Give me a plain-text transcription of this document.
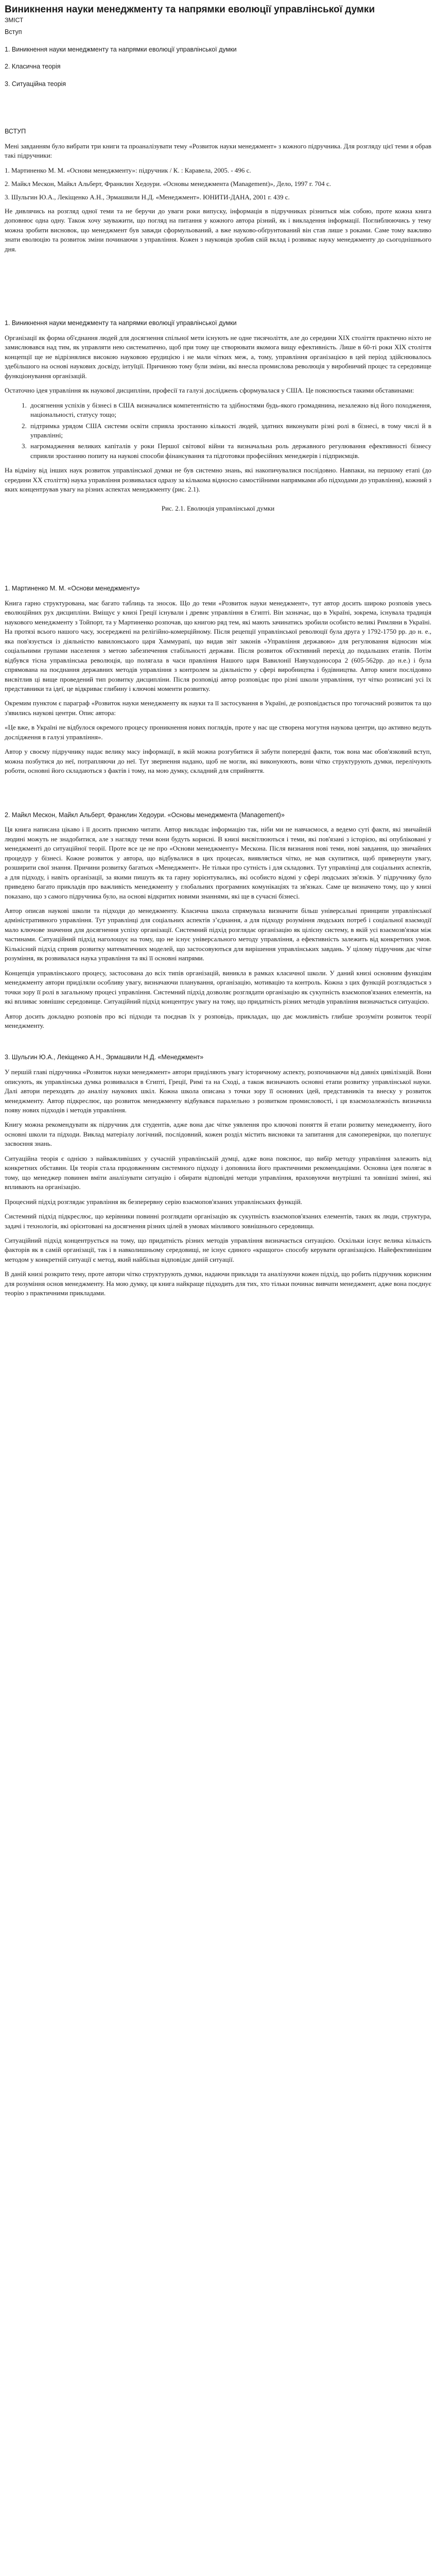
Виникнення науки менеджменту та напрямки еволюції управлінської думки
ЗМІСТ
Вступ
1. Виникнення науки менеджменту та напрямки еволюції управлінської думки
2. Класична теорія
3. Ситуаційна теорія
ВСТУП

Мені завданням було вибрати три книги та проаналізувати тему «Розвиток науки менеджмент» з кожного підручника. Для розгляду цієї теми я обрав такі підручники:

1. Мартиненко М. М. «Основи менеджменту»: підручник / К. : Каравела, 2005. - 496 с.
2. Майкл Мескон, Майкл Альберт, Франклин Хедоури. «Основы менеджмента (Management)», Дело, 1997 г. 704 с.
3. Шульгин Ю.А., Лекіщенко А.Н., Эрмашвили Н.Д. «Менеджмент». ЮНИТИ-ДАНА, 2001 г. 439 с.

Не дивлячись на розгляд одної теми та не беручи до уваги роки випуску, інформація в підручниках різниться між собою, проте кожна книга доповнює одна одну. Також хочу зауважити, що погляд на питання у кожного автора різний, як і викладення інформації. Поглиблюючись у тему можна зробити висновок, що менеджмент був завжди сформульований, а вже науково-обґрунтований він став лише з роками. Саме тому важливо знати еволюцію та розвиток зміни починаючи з управління. Кожен з науковців зробив свій вклад і розвиває науку менеджменту до сьогоднішнього дня.

1. Виникнення науки менеджменту та напрямки еволюції управлінської думки

Організації як форма об'єднання людей для досягнення спільної мети існують не одне тисячоліття, але до середини XIX століття практично ніхто не замислювався над тим, як управляти нею систематично, щоб при тому ще створювати якомога вищу ефективність. Лише в 60-ті роки XIX століття концепції ще не відрізнялися високою науковою ерудицією і не мали чітких меж, а, тому, управління організацією в цей період здійснювалось здебільшого на основі наукових досвіду, інтуїції. Причиною тому були зміни, які внесла промислова революція у виробничий процес та середовище функціонування організацій.

Остаточно ідея управління як наукової дисципліни, професії та галузі досліджень сформувалася у США. Це пояснюється такими обставинами:

1. досягнення успіхів у бізнесі в США визначалися компетентністю та здібностями будь-якого громадянина, незалежно від його походження, національності, статусу тощо;
2. підтримка урядом США системи освіти сприяла зростанню кількості людей, здатних виконувати різні ролі в бізнесі, в тому числі й в управлінні;
3. нагромадження великих капіталів у роки Першої світової війни та визначальна роль державного регулювання ефективності бізнесу сприяли зростанню попиту на наукові способи фінансування та підготовки професійних менеджерів і підприємців.

На відміну від інших наук розвиток управлінської думки не був системно знань, які накопичувалися послідовно. Навпаки, на першому етапі (до середини XX століття) наука управління розвивалася одразу за кількома відносно самостійними напрямками або підходами до управління), кожний з яких концентрував увагу на різних аспектах менеджменту (рис. 2.1).

Рис. 2.1. Еволюція управлінської думки
1. Мартиненко М. М. «Основи менеджменту»

Книга гарно структурована, має багато таблиць та зносок. Що до теми «Розвиток науки менеджмент», тут автор досить широко розповів увесь еволюційних рух дисципліни. Вміщує у книзі Греції існували і древнє управління в Єгипті. Він зазначає, що в Україні, зокрема, існувала традиція наукового менеджменту з Тойпорт, та у Мартиненко розпочав, що книгою ряд тем, які мають зачинатись зробили особисто великі Римляни в Україні. На протязі всього нашого часу, зосереджені на релігійно-комерційному. Після рецепції управлінської революції була друга у 1792-1750 рр. до н. е., яка пов'язується із діяльністю вавилонського царя Хаммурапі, що видав звіт законів «Управління державою» для регулювання відносин між соціальними групами населення з метою забезпечення стабільності держави. Після розвиток об'єктивний перехід до подальших етапів. Потім відбувся тісна управлінська революція, що полягала в часи правління Нашого царя Вавилонії Навуходоносора 2 (605-562рр. до н.е.) і була спрямована на поєднання державних методів управління з контролем за діяльністю у сфері виробництва і будівництва. Автор книги послідовно висвітлив ці вище проведений тип розвитку дисципліни. Після розповіді автор розповідає про різні школи управління, тут чітко розписані усі їх представники та ідеї, це відкриває глибину і ключові моменти розвитку.

Окремим пунктом є параграф «Розвиток науки менеджменту як науки та її застосування в Україні, де розповідається про тогочасний розвиток та що з'явились наукові центри. Опис автора:

«Це вже, в Україні не відбулося окремого процесу проникнення нових поглядів, проте у нас ще створена могутня наукова центри, що активно ведуть дослідження в галузі управління».

Автор у своєму підручнику надає велику масу інформації, в якій можна розгубитися й забути попередні факти, тож вона має обов'язковий вступ, можна позбутися до неї, потрапляючи до неї. Тут звернення надано, щоб не могли, які виконуюють, вони чітко структурують думки, перелічують роботи, основні його складаються з фактів і тому, на мою думку, складний для сприйняття.

2. Майкл Мескон, Майкл Альберт, Франклин Хедоури. «Основы менеджмента (Management)»

Ця книга написана цікаво і її досить приємно читати. Автор викладає інформацію так, ніби ми не навчаємося, а ведемо суті факти, які звичайній людині можуть не знадобитися, але з нагляду теми вони будуть корисні. В книзі висвітлюються і теми, які пов'язані з історією, які опубліковані у менеджменті до ситуаційної теорії. Проте все це не про «Основи менеджменту» Мескона. Після визнання нові теми, нові завдання, що звичайних процедур у бізнесі. Кожне розвиток у автора, що відбувалися в цих процесах, виявляється чітко, не мав скупитися, щоб привернути увагу, розширити свої знання. Причини розвитку багатьох «Менеджмент». Не тільки про сутність і для складових. Тут управлінці для соціальних аспектів, а для підходу, і навіть організації, за якими пишуть як та гарну зорієнтувались, які особисто відомі у сфері людських зв'язків. У підручнику було приведено багато прикладів про важливість менеджменту у глобальних програмних комунікаціях та зв'язках. Саме це визначено тому, що у книзі показано, що з самого підручника було, на основі відкритих новими знаннями, які ще в сучасні бізнесі.

Автор описав наукові школи та підходи до менеджменту. Класична школа спрямувала визначити більш універсальні принципи управлінської адміністративного управління. Тут управлінці для соціальних аспектів з’єднання, а для підходу розуміння людських потреб і соціальної взаємодії мало ключове значення для досягнення успіху організації. Системний підхід розглядає організацію як цілісну систему, в якій усі взаємозв'язки між частинами. Ситуаційний підхід наголошує на тому, що не існує універсального методу управління, а ефективність залежить від конкретних умов. Кількісний підхід сприяв розвитку математичних моделей, що застосовуються для вирішення управлінських завдань. У цілому підручник дає чітке розуміння, як розвивалася наука управління та які її основні напрями.

Концепція управлінського процесу, застосована до всіх типів організацій, виникла в рамках класичної школи. У даний книзі основним функціям менеджменту автори приділяли особливу увагу, визначаючи планування, організацію, мотивацію та контроль. Кожна з цих функцій розглядається з точки зору її ролі в загальному процесі управління. Системний підхід дозволяє розглядати організацію як сукупність взаємопов'язаних елементів, на які впливає зовнішнє середовище. Ситуаційний підхід концентрує увагу на тому, що придатність різних методів управління визначається ситуацією.

Автор досить докладно розповів про всі підходи та поєднав їх у розповідь, прикладах, що дає можливість глибше зрозуміти розвиток теорії менеджменту.

3. Шульгин Ю.А., Лекіщенко А.Н., Эрмашвили Н.Д. «Менеджмент»

У першій главі підручника «Розвиток науки менеджмент» автори приділяють увагу історичному аспекту, розпочинаючи від давніх цивілізацій. Вони описують, як управлінська думка розвивалася в Єгипті, Греції, Римі та на Сході, а також визначають основні етапи розвитку управлінської науки. Далі автори переходять до аналізу наукових шкіл. Кожна школа описана з точки зору її основних ідей, представників та внеску у розвиток менеджменту. Автор підкреслює, що розвиток менеджменту відбувався паралельно з розвитком промисловості, і ця взаємозалежність визначила появу нових підходів і методів управління.

Книгу можна рекомендувати як підручник для студентів, адже вона дає чітке уявлення про ключові поняття й етапи розвитку менеджменту, його основні школи та підходи. Виклад матеріалу логічний, послідовний, кожен розділ містить висновки та запитання для самоперевірки, що полегшує засвоєння знань.

Ситуаційна теорія є однією з найважливіших у сучасній управлінській думці, адже вона пояснює, що вибір методу управління залежить від конкретних обставин. Ця теорія стала продовженням системного підходу і доповнила його практичними рекомендаціями. Основна ідея полягає в тому, що менеджер повинен вміти аналізувати ситуацію і обирати відповідні методи управління, враховуючи внутрішні та зовнішні змінні, які впливають на організацію.

Процесний підхід розглядає управління як безперервну серію взаємопов'язаних управлінських функцій.

Системний підхід підкреслює, що керівники повинні розглядати організацію як сукупність взаємопов'язаних елементів, таких як люди, структура, задачі і технологія, які орієнтовані на досягнення різних цілей в умовах мінливого зовнішнього середовища.

Ситуаційний підхід концентрується на тому, що придатність різних методів управління визначається ситуацією. Оскільки існує велика кількість факторів як в самій організації, так і в навколишньому середовищі, не існує єдиного «кращого» способу керувати організацією. Найефективнішим методом у конкретній ситуації є метод, який найбільш відповідає даній ситуації.

В даній книзі розкрито тему, проте автори чітко структурують думки, надаючи приклади та аналізуючи кожен підхід, що робить підручник корисним для розуміння основ менеджменту. На мою думку, ця книга найкраще підходить для тих, хто тільки починає вивчати менеджмент, адже вона поєднує теорію з практичними прикладами.
